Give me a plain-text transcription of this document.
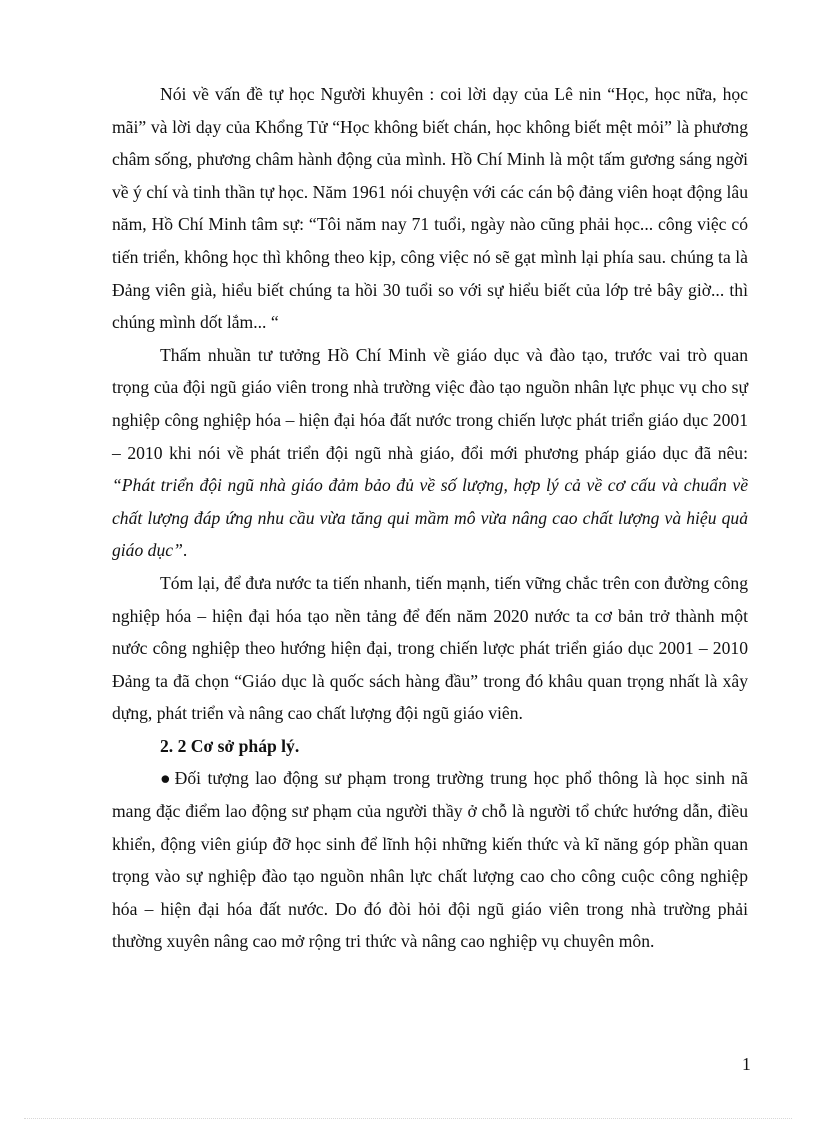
Nói về vấn đề tự học Người khuyên : coi lời dạy của Lê nin “Học, học nữa, học mãi” và lời dạy của Khổng Tử “Học không biết chán, học không biết mệt mỏi” là phương châm sống, phương châm hành động của mình. Hồ Chí Minh là một tấm gương sáng ngời về ý chí và tinh thần tự học. Năm 1961 nói chuyện với các cán bộ đảng viên hoạt động lâu năm, Hồ Chí Minh tâm sự: “Tôi năm nay 71 tuổi, ngày nào cũng phải học... công việc có tiến triển, không học thì không theo kịp, công việc nó sẽ gạt mình lại phía sau. chúng ta là Đảng viên già, hiểu biết chúng ta hồi 30 tuổi so với sự hiểu biết của lớp trẻ bây giờ... thì chúng mình dốt lắm... “

Thấm nhuần tư tưởng Hồ Chí Minh về giáo dục và đào tạo, trước vai trò quan trọng của đội ngũ giáo viên trong nhà trường việc đào tạo nguồn nhân lực phục vụ cho sự nghiệp công nghiệp hóa – hiện đại hóa đất nước trong chiến lược phát triển giáo dục 2001 – 2010 khi nói về phát triển đội ngũ nhà giáo, đổi mới phương pháp giáo dục đã nêu: “Phát triển đội ngũ nhà giáo đảm bảo đủ về số lượng, hợp lý cả về cơ cấu và chuẩn về chất lượng đáp ứng nhu cầu vừa tăng qui mầm mô vừa nâng cao chất lượng và hiệu quả giáo dục”.

Tóm lại, để đưa nước ta tiến nhanh, tiến mạnh, tiến vững chắc trên con đường công nghiệp hóa – hiện đại hóa tạo nền tảng để đến năm 2020 nước ta cơ bản trở thành một nước công nghiệp theo hướng hiện đại, trong chiến lược phát triển giáo dục 2001 – 2010 Đảng ta đã chọn “Giáo dục là quốc sách hàng đầu” trong đó khâu quan trọng nhất là xây dựng, phát triển và nâng cao chất lượng đội ngũ giáo viên.

2. 2 Cơ sở pháp lý.

● Đối tượng lao động sư phạm trong trường trung học phổ thông là học sinh nã mang đặc điểm lao động sư phạm của người thầy ở chỗ là người tổ chức hướng dẫn, điều khiển, động viên giúp đỡ học sinh để lĩnh hội những kiến thức và kĩ năng góp phần quan trọng vào sự nghiệp đào tạo nguồn nhân lực chất lượng cao cho công cuộc công nghiệp hóa – hiện đại hóa đất nước. Do đó đòi hỏi đội ngũ giáo viên trong nhà trường phải thường xuyên nâng cao mở rộng tri thức và nâng cao nghiệp vụ chuyên môn.

1
